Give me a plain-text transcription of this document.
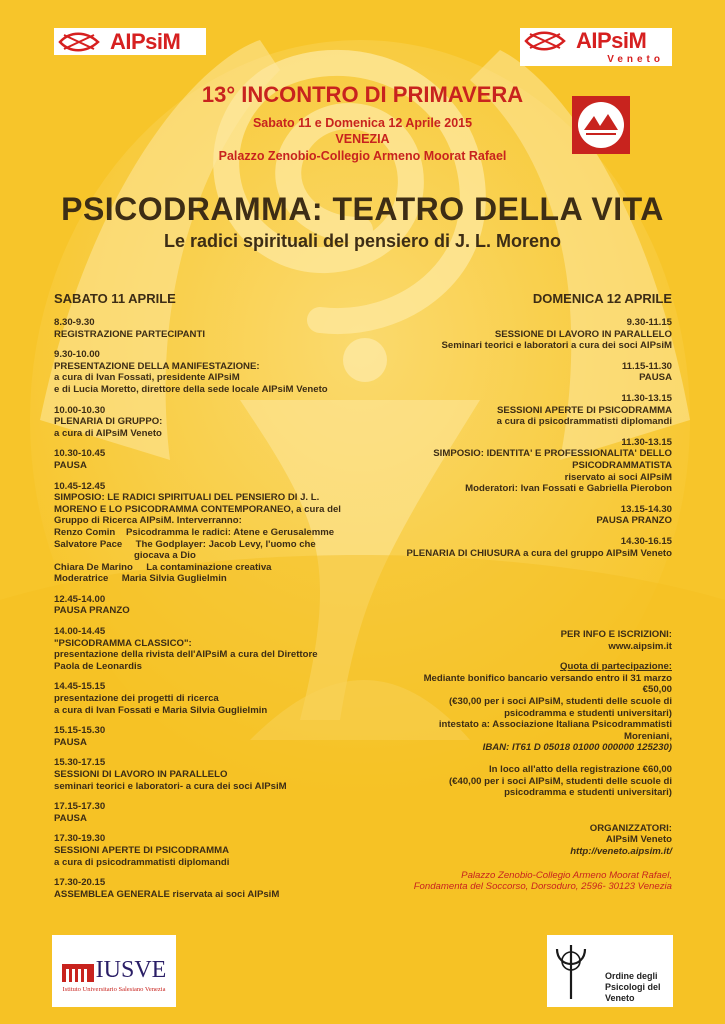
AIPsiM	AIPsiM
Veneto
13° INCONTRO DI PRIMAVERA
Sabato 11 e Domenica 12 Aprile 2015
VENEZIA
Palazzo Zenobio-Collegio Armeno Moorat Rafael
PSICODRAMMA: TEATRO DELLA VITA
Le radici spirituali del pensiero di J. L. Moreno
SABATO 11 APRILE

8.30-9.30

REGISTRAZIONE PARTECIPANTI

9.30-10.00

PRESENTAZIONE DELLA MANIFESTAZIONE:

a cura di Ivan Fossati, presidente AIPsiM

e di Lucia Moretto, direttore della sede locale AIPsiM Veneto

10.00-10.30

PLENARIA DI GRUPPO:

a cura di AIPsiM Veneto

10.30-10.45

PAUSA

10.45-12.45

SIMPOSIO: LE RADICI SPIRITUALI DEL PENSIERO DI J. L.

MORENO E LO PSICODRAMMA CONTEMPORANEO, a cura del

Gruppo di Ricerca AIPsiM. Interverranno:

Renzo Comin    Psicodramma le radici: Atene e Gerusalemme

Salvatore Pace     The Godplayer: Jacob Levy, l'uomo che

giocava a Dio

Chiara De Marino     La contaminazione creativa

Moderatrice     Maria Silvia Guglielmin

12.45-14.00

PAUSA PRANZO

14.00-14.45

"PSICODRAMMA CLASSICO":

presentazione della rivista dell'AIPsiM a cura del Direttore

Paola de Leonardis

14.45-15.15

presentazione dei progetti di ricerca

a cura di Ivan Fossati e Maria Silvia Guglielmin

15.15-15.30

PAUSA

15.30-17.15

SESSIONI DI LAVORO IN PARALLELO

seminari teorici e laboratori- a cura dei soci AIPsiM

17.15-17.30

PAUSA

17.30-19.30

SESSIONI APERTE DI PSICODRAMMA

a cura di psicodrammatisti diplomandi

17.30-20.15

ASSEMBLEA GENERALE riservata ai soci AIPsiM

DOMENICA 12 APRILE

9.30-11.15

SESSIONE DI LAVORO IN PARALLELO

Seminari teorici e laboratori a cura dei soci AIPsiM

11.15-11.30

PAUSA

11.30-13.15

SESSIONI APERTE DI PSICODRAMMA

a cura di psicodrammatisti diplomandi

11.30-13.15

SIMPOSIO: IDENTITA' E PROFESSIONALITA' DELLO

PSICODRAMMATISTA

riservato ai soci AIPsiM

Moderatori: Ivan Fossati e Gabriella Pierobon

13.15-14.30

PAUSA PRANZO

14.30-16.15

PLENARIA DI CHIUSURA a cura del gruppo AIPsiM Veneto

PER INFO E ISCRIZIONI:

www.aipsim.it

Quota di partecipazione:

Mediante bonifico bancario versando entro il 31 marzo

€50,00

(€30,00 per i soci AIPsiM, studenti delle scuole di

psicodramma e studenti universitari)

intestato a: Associazione Italiana Psicodrammatisti

Moreniani,

IBAN: IT61 D 05018 01000 000000 125230)

In loco all'atto della registrazione €60,00

(€40,00 per i soci AIPsiM, studenti delle scuole di

psicodramma e studenti universitari)

ORGANIZZATORI:

AIPsiM Veneto

http://veneto.aipsim.it/

Palazzo Zenobio-Collegio Armeno Moorat Rafael,

Fondamenta del Soccorso, Dorsoduro, 2596- 30123 Venezia

IUSVE
Istituto Universitario Salesiano Venezia
Ordine degli
Psicologi del Veneto
